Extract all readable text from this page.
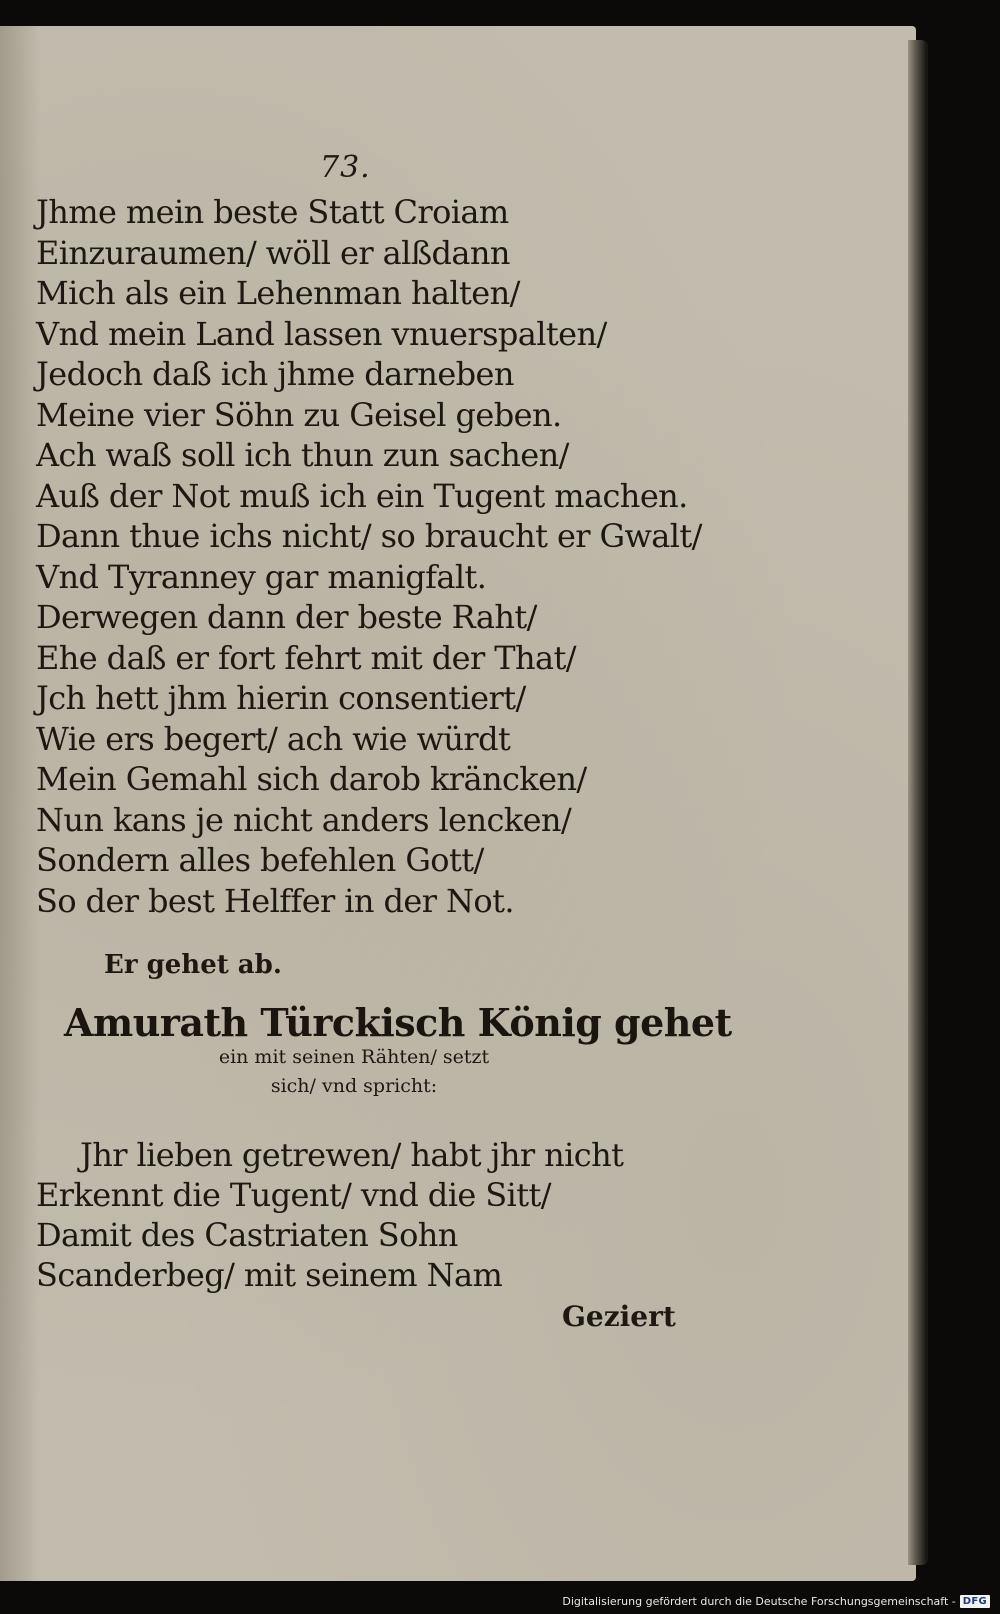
73.
Jhme mein beste Statt Croiam
Einzuraumen/ wöll er alßdann
Mich als ein Lehenman halten/
Vnd mein Land lassen vnuerspalten/
Jedoch daß ich jhme darneben
Meine vier Söhn zu Geisel geben.
Ach waß soll ich thun zun sachen/
Auß der Not muß ich ein Tugent machen.
Dann thue ichs nicht/ so braucht er Gwalt/
Vnd Tyranney gar manigfalt.
Derwegen dann der beste Raht/
Ehe daß er fort fehrt mit der That/
Jch hett jhm hierin consentiert/
Wie ers begert/ ach wie würdt
Mein Gemahl sich darob kräncken/
Nun kans je nicht anders lencken/
Sondern alles befehlen Gott/
So der best Helffer in der Not.
Er gehet ab.
Amurath Türckisch König gehet
ein mit seinen Rähten/ setzt
sich/ vnd spricht:
Jhr lieben getrewen/ habt jhr nicht
Erkennt die Tugent/ vnd die Sitt/
Damit des Castriaten Sohn
Scanderbeg/ mit seinem Nam
Geziert
Digitalisierung gefördert durch die Deutsche Forschungsgemeinschaft - DFG
